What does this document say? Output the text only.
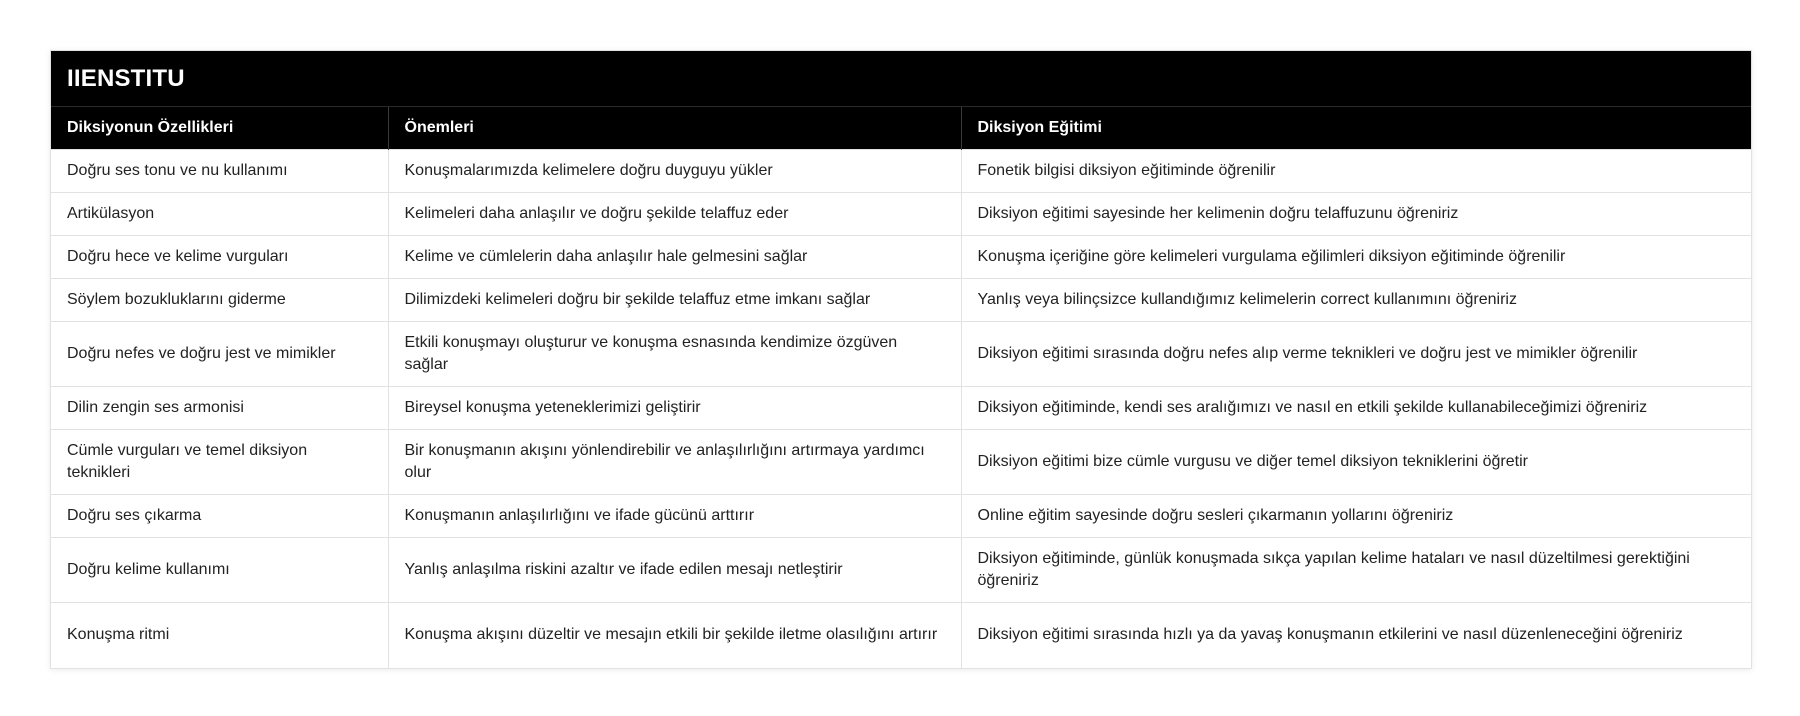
IIENSTITU
Diksiyonun Özellikleri	Önemleri	Diksiyon Eğitimi
Doğru ses tonu ve nu kullanımı	Konuşmalarımızda kelimelere doğru duyguyu yükler	Fonetik bilgisi diksiyon eğitiminde öğrenilir
Artikülasyon	Kelimeleri daha anlaşılır ve doğru şekilde telaffuz eder	Diksiyon eğitimi sayesinde her kelimenin doğru telaffuzunu öğreniriz
Doğru hece ve kelime vurguları	Kelime ve cümlelerin daha anlaşılır hale gelmesini sağlar	Konuşma içeriğine göre kelimeleri vurgulama eğilimleri diksiyon eğitiminde öğrenilir
Söylem bozukluklarını giderme	Dilimizdeki kelimeleri doğru bir şekilde telaffuz etme imkanı sağlar	Yanlış veya bilinçsizce kullandığımız kelimelerin correct kullanımını öğreniriz
Doğru nefes ve doğru jest ve mimikler	Etkili konuşmayı oluşturur ve konuşma esnasında kendimize özgüven sağlar	Diksiyon eğitimi sırasında doğru nefes alıp verme teknikleri ve doğru jest ve mimikler öğrenilir
Dilin zengin ses armonisi	Bireysel konuşma yeteneklerimizi geliştirir	Diksiyon eğitiminde, kendi ses aralığımızı ve nasıl en etkili şekilde kullanabileceğimizi öğreniriz
Cümle vurguları ve temel diksiyon teknikleri	Bir konuşmanın akışını yönlendirebilir ve anlaşılırlığını artırmaya yardımcı olur	Diksiyon eğitimi bize cümle vurgusu ve diğer temel diksiyon tekniklerini öğretir
Doğru ses çıkarma	Konuşmanın anlaşılırlığını ve ifade gücünü arttırır	Online eğitim sayesinde doğru sesleri çıkarmanın yollarını öğreniriz
Doğru kelime kullanımı	Yanlış anlaşılma riskini azaltır ve ifade edilen mesajı netleştirir	Diksiyon eğitiminde, günlük konuşmada sıkça yapılan kelime hataları ve nasıl düzeltilmesi gerektiğini öğreniriz
Konuşma ritmi	Konuşma akışını düzeltir ve mesajın etkili bir şekilde iletme olasılığını artırır	Diksiyon eğitimi sırasında hızlı ya da yavaş konuşmanın etkilerini ve nasıl düzenleneceğini öğreniriz
